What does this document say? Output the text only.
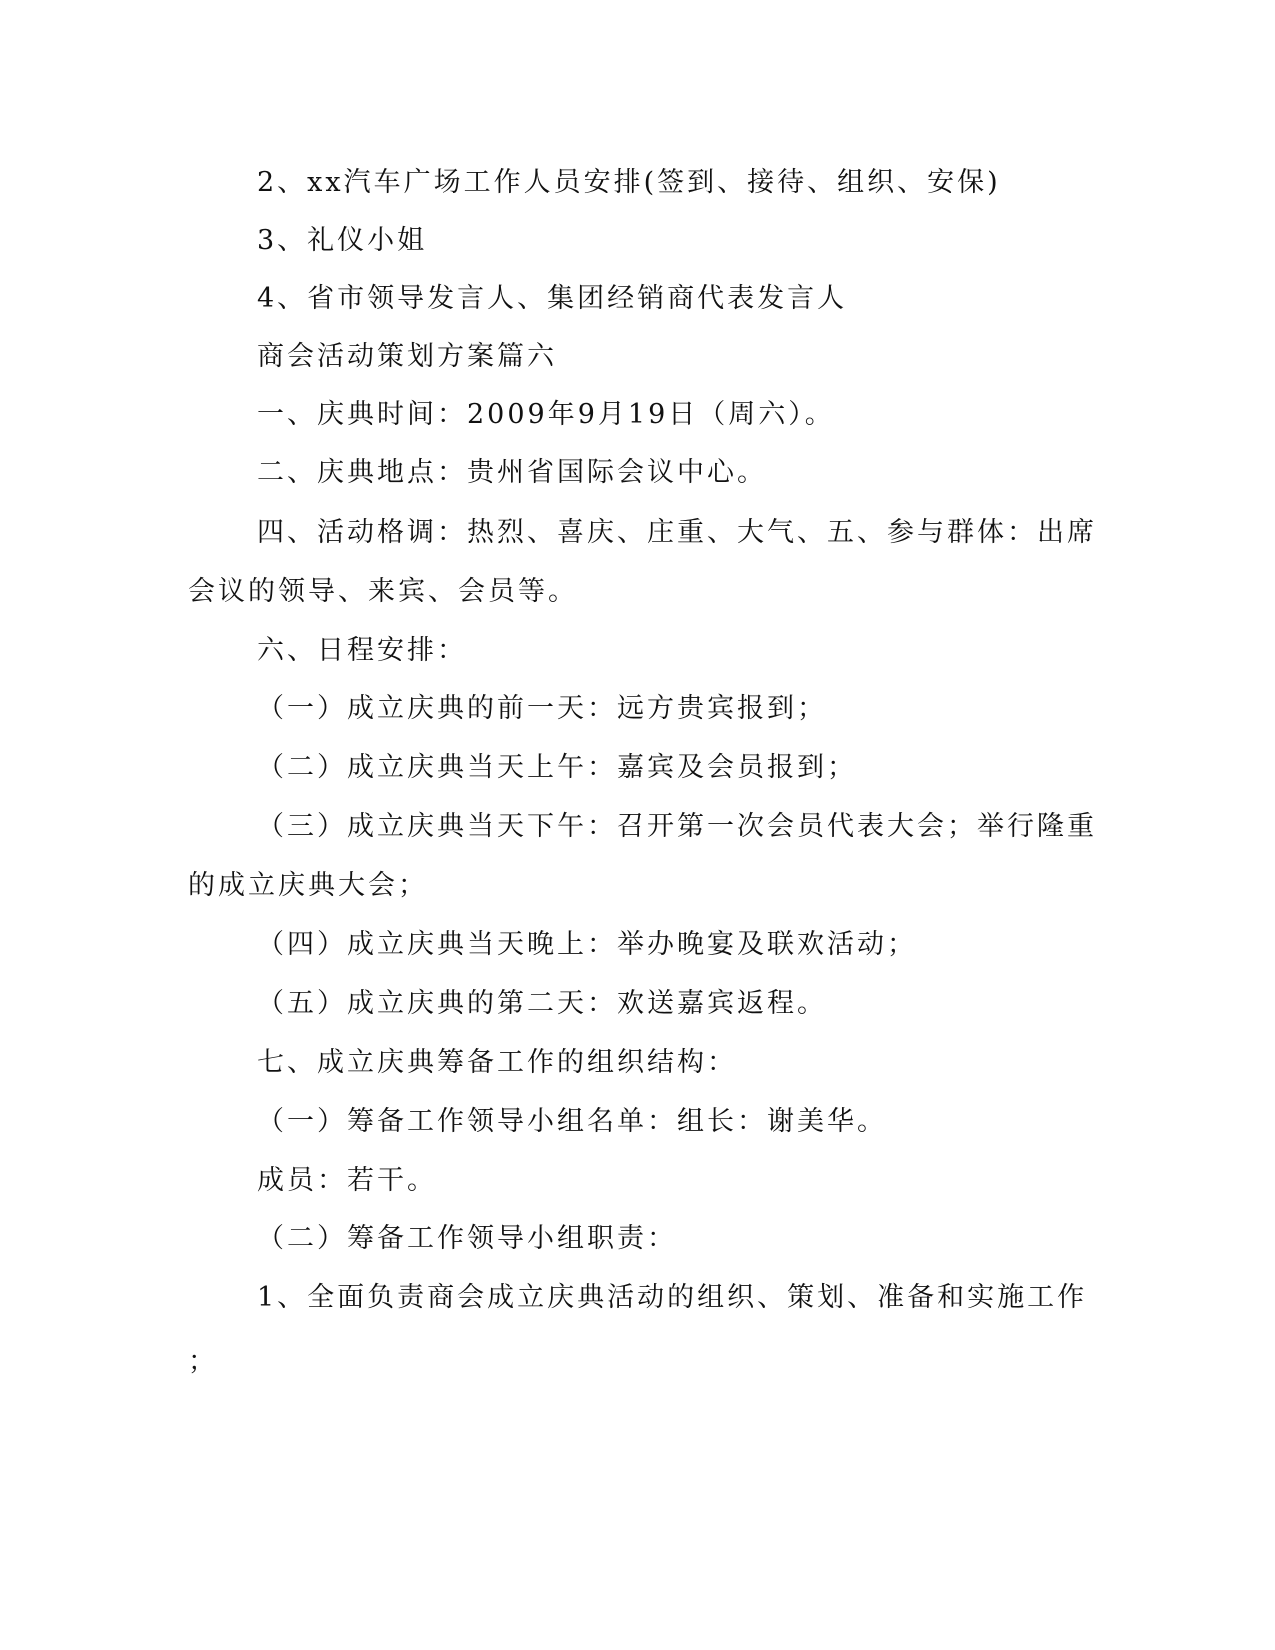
2、xx汽车广场工作人员安排(签到、接待、组织、安保)
3、礼仪小姐
4、省市领导发言人、集团经销商代表发言人
商会活动策划方案篇六
一、庆典时间：2009年9月19日（周六）。
二、庆典地点：贵州省国际会议中心。
四、活动格调：热烈、喜庆、庄重、大气、五、参与群体：出席
会议的领导、来宾、会员等。
六、日程安排：
（一）成立庆典的前一天：远方贵宾报到；
（二）成立庆典当天上午：嘉宾及会员报到；
（三）成立庆典当天下午：召开第一次会员代表大会；举行隆重
的成立庆典大会；
（四）成立庆典当天晚上：举办晚宴及联欢活动；
（五）成立庆典的第二天：欢送嘉宾返程。
七、成立庆典筹备工作的组织结构：
（一）筹备工作领导小组名单：组长：谢美华。
成员：若干。
（二）筹备工作领导小组职责：
1、全面负责商会成立庆典活动的组织、策划、准备和实施工作
；
